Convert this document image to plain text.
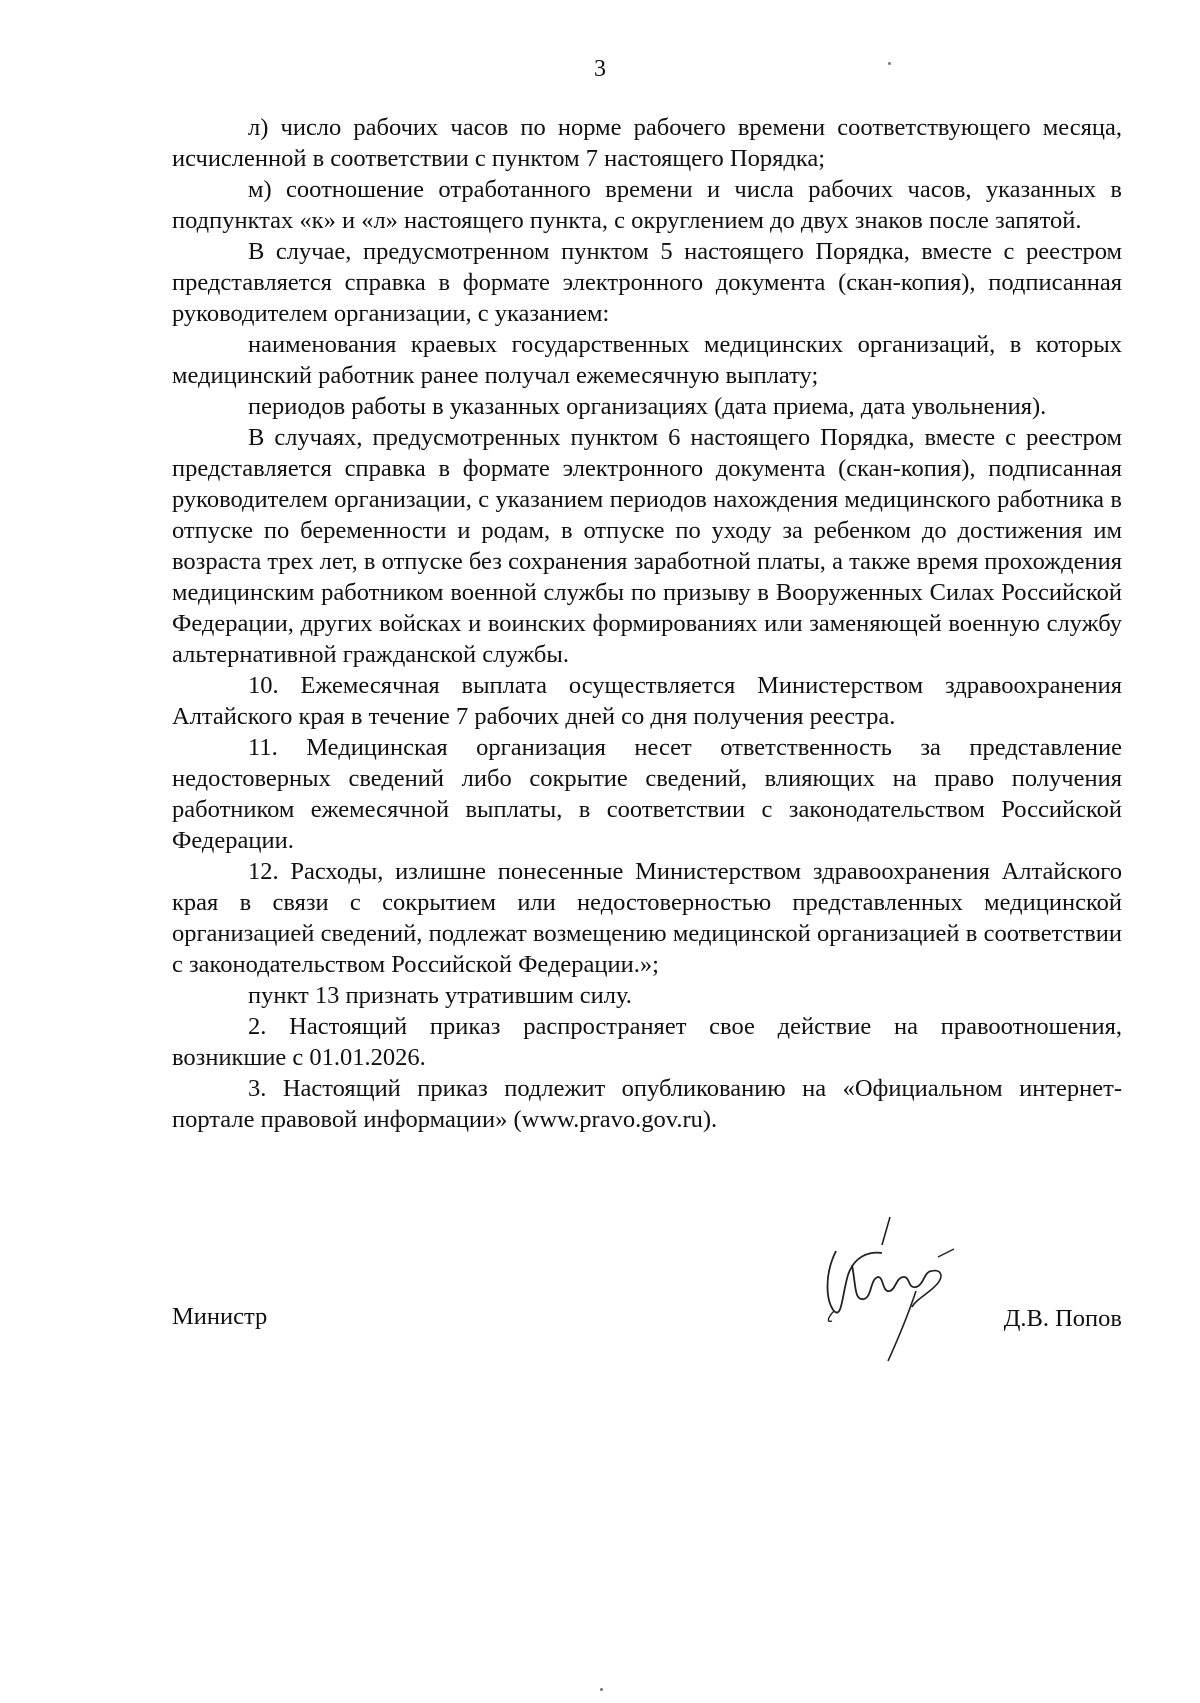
3

л) число рабочих часов по норме рабочего времени соответствующего месяца, исчисленной в соответствии с пунктом 7 настоящего Порядка;

м) соотношение отработанного времени и числа рабочих часов, указанных в подпунктах «к» и «л» настоящего пункта, с округлением до двух знаков после запятой.

В случае, предусмотренном пунктом 5 настоящего Порядка, вместе с реестром представляется справка в формате электронного документа (скан-копия), подписанная руководителем организации, с указанием:

наименования краевых государственных медицинских организаций, в которых медицинский работник ранее получал ежемесячную выплату;

периодов работы в указанных организациях (дата приема, дата увольнения).

В случаях, предусмотренных пунктом 6 настоящего Порядка, вместе с реестром представляется справка в формате электронного документа (скан-копия), подписанная руководителем организации, с указанием периодов нахождения медицинского работника в отпуске по беременности и родам, в отпуске по уходу за ребенком до достижения им возраста трех лет, в отпуске без сохранения заработной платы, а также время прохождения медицинским работником военной службы по призыву в Вооруженных Силах Российской Федерации, других войсках и воинских формированиях или заменяющей военную службу альтернативной гражданской службы.

10. Ежемесячная выплата осуществляется Министерством здравоохранения Алтайского края в течение 7 рабочих дней со дня получения реестра.

11. Медицинская организация несет ответственность за представление недостоверных сведений либо сокрытие сведений, влияющих на право получения работником ежемесячной выплаты, в соответствии с законодательством Российской Федерации.

12. Расходы, излишне понесенные Министерством здравоохранения Алтайского края в связи с сокрытием или недостоверностью представленных медицинской организацией сведений, подлежат возмещению медицинской организацией в соответствии с законодательством Российской Федерации.»;

пункт 13 признать утратившим силу.

2. Настоящий приказ распространяет свое действие на правоотношения, возникшие с 01.01.2026.

3. Настоящий приказ подлежит опубликованию на «Официальном интернет-портале правовой информации» (www.pravo.gov.ru).

Министр	Д.В. Попов
